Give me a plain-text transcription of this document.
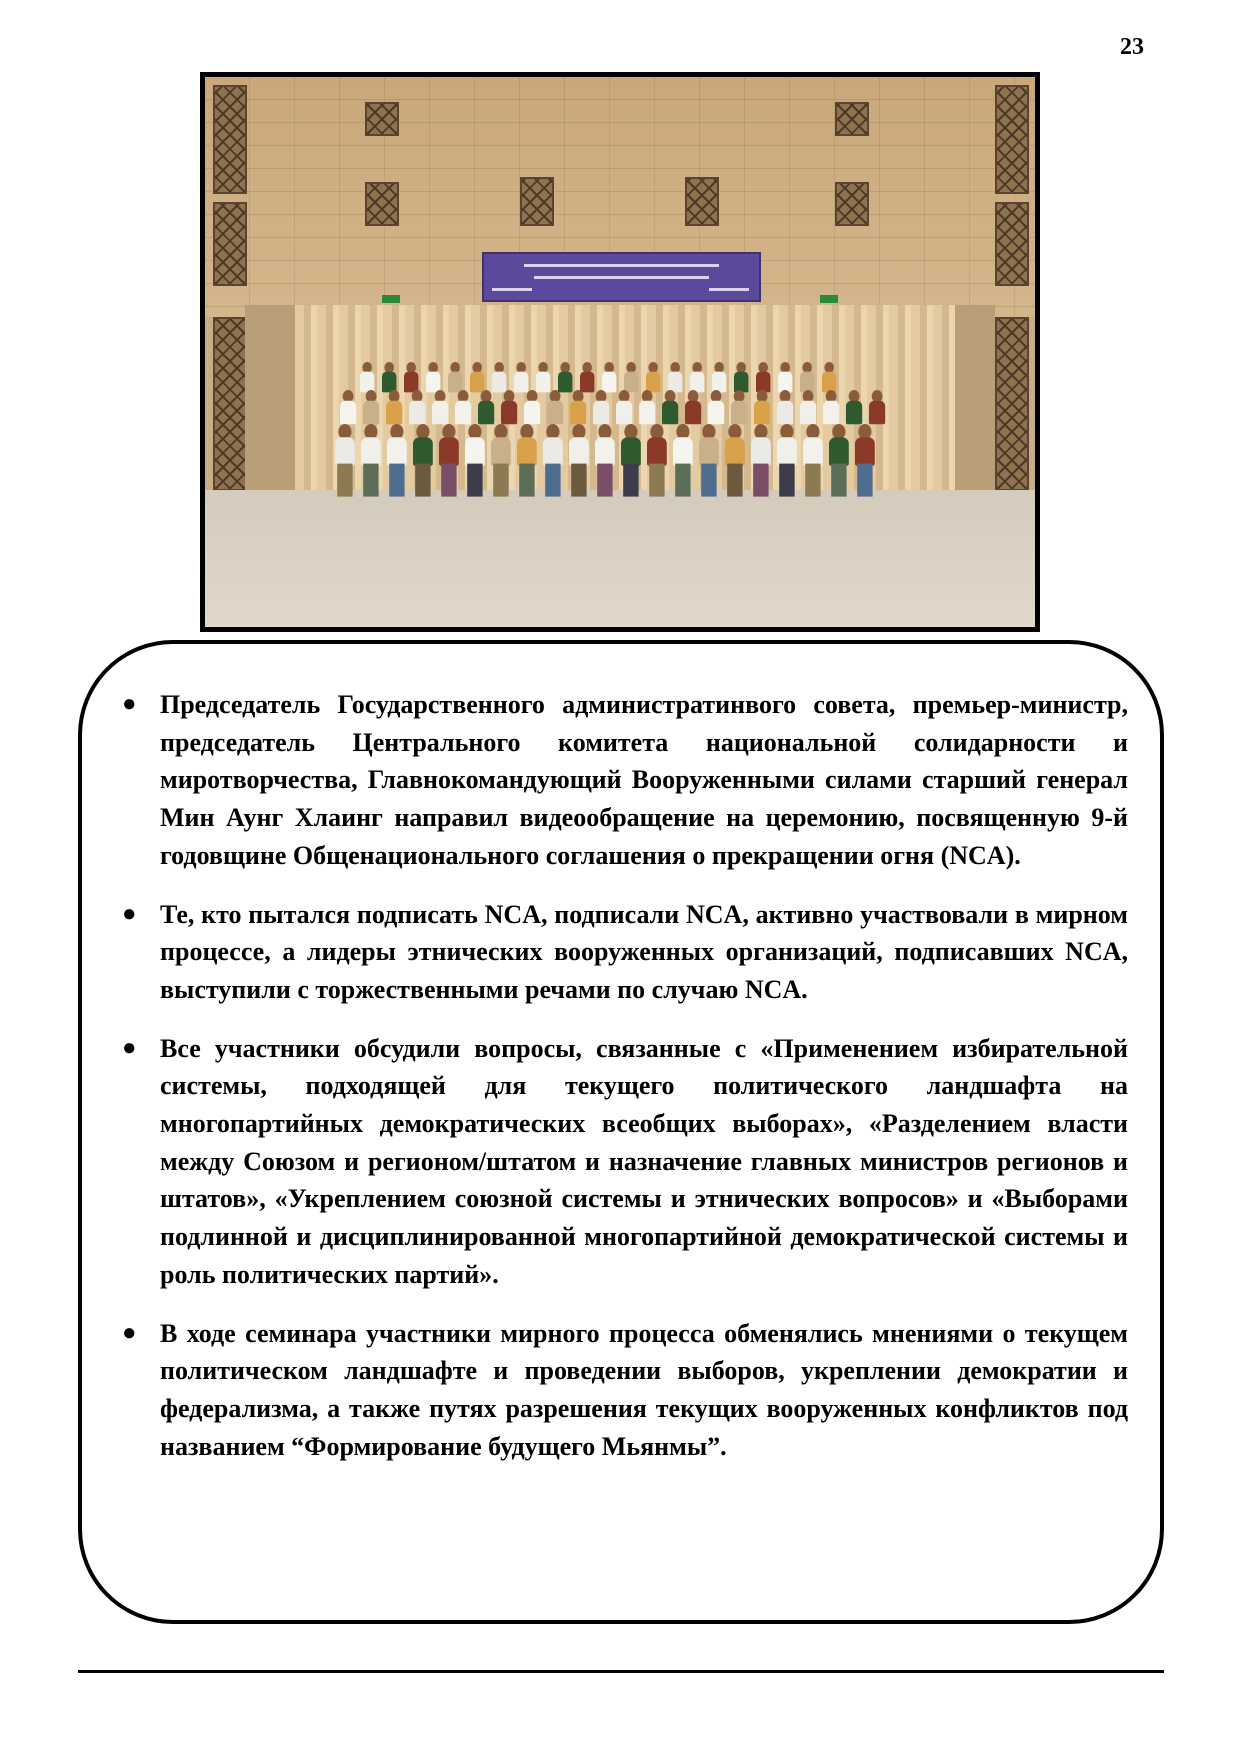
23
● Председатель Государственного администратинвого совета, премьер-министр, председатель Центрального комитета национальной солидарности и миротворчества, Главнокомандующий Вооруженными силами старший генерал Мин Аунг Хлаинг направил видеообращение на церемонию, посвященную 9-й годовщине Общенационального соглашения о прекращении огня (NCA).
● Те, кто пытался подписать NCA, подписали NCA, активно участвовали в мирном процессе, а лидеры этнических вооруженных организаций, подписавших NCA, выступили с торжественными речами по случаю NCA.
● Все участники обсудили вопросы, связанные с «Применением избирательной системы, подходящей для текущего политического ландшафта на многопартийных демократических всеобщих выборах», «Разделением власти между Союзом и регионом/штатом и назначение главных министров регионов и штатов», «Укреплением союзной системы и этнических вопросов» и «Выборами подлинной и дисциплинированной многопартийной демократической системы и роль политических партий».
● В ходе семинара участники мирного процесса обменялись мнениями о текущем политическом ландшафте и проведении выборов, укреплении демократии и федерализма, а также путях разрешения текущих вооруженных конфликтов под названием “Формирование будущего Мьянмы”.
